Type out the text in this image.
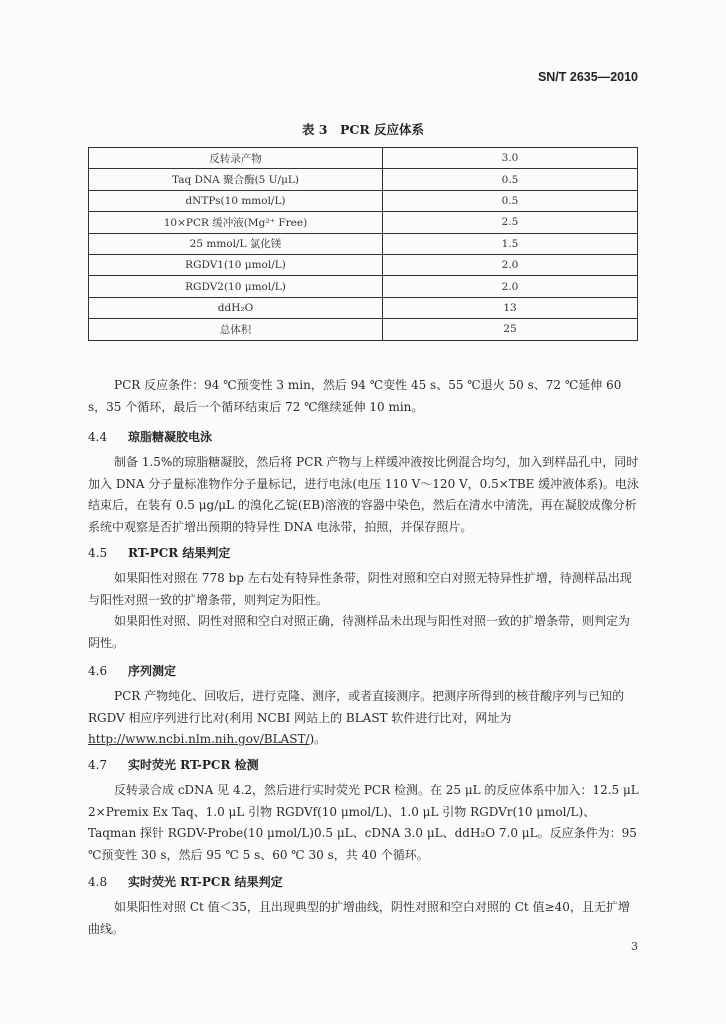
SN/T 2635—2010
表 3　PCR 反应体系
反转录产物	3.0
Taq DNA 聚合酶(5 U/μL)	0.5
dNTPs(10 mmol/L)	0.5
10×PCR 缓冲液(Mg²⁺ Free)	2.5
25 mmol/L 氯化镁	1.5
RGDV1(10 μmol/L)	2.0
RGDV2(10 μmol/L)	2.0
ddH₂O	13
总体积	25

PCR 反应条件：94 ℃预变性 3 min，然后 94 ℃变性 45 s、55 ℃退火 50 s、72 ℃延伸 60 s，35 个循环，最后一个循环结束后 72 ℃继续延伸 10 min。

4.4 琼脂糖凝胶电泳

制备 1.5%的琼脂糖凝胶，然后将 PCR 产物与上样缓冲液按比例混合均匀，加入到样品孔中，同时加入 DNA 分子量标准物作分子量标记，进行电泳(电压 110 V～120 V，0.5×TBE 缓冲液体系)。电泳结束后，在装有 0.5 μg/μL 的溴化乙锭(EB)溶液的容器中染色，然后在清水中清洗，再在凝胶成像分析系统中观察是否扩增出预期的特异性 DNA 电泳带，拍照，并保存照片。

4.5 RT-PCR 结果判定

如果阳性对照在 778 bp 左右处有特异性条带，阴性对照和空白对照无特异性扩增，待测样品出现与阳性对照一致的扩增条带，则判定为阳性。

如果阳性对照、阴性对照和空白对照正确，待测样品未出现与阳性对照一致的扩增条带，则判定为阴性。

4.6 序列测定

PCR 产物纯化、回收后，进行克隆、测序，或者直接测序。把测序所得到的核苷酸序列与已知的 RGDV 相应序列进行比对(利用 NCBI 网站上的 BLAST 软件进行比对，网址为http://www.ncbi.nlm.nih.gov/BLAST/)。

4.7 实时荧光 RT-PCR 检测

反转录合成 cDNA 见 4.2，然后进行实时荧光 PCR 检测。在 25 μL 的反应体系中加入：12.5 μL 2×Premix Ex Taq、1.0 μL 引物 RGDVf(10 μmol/L)、1.0 μL 引物 RGDVr(10 μmol/L)、Taqman 探针 RGDV-Probe(10 μmol/L)0.5 μL、cDNA 3.0 μL、ddH₂O 7.0 μL。反应条件为：95 ℃预变性 30 s，然后 95 ℃ 5 s、60 ℃ 30 s，共 40 个循环。

4.8 实时荧光 RT-PCR 结果判定

如果阳性对照 Ct 值＜35，且出现典型的扩增曲线，阴性对照和空白对照的 Ct 值≥40，且无扩增曲线。

3
